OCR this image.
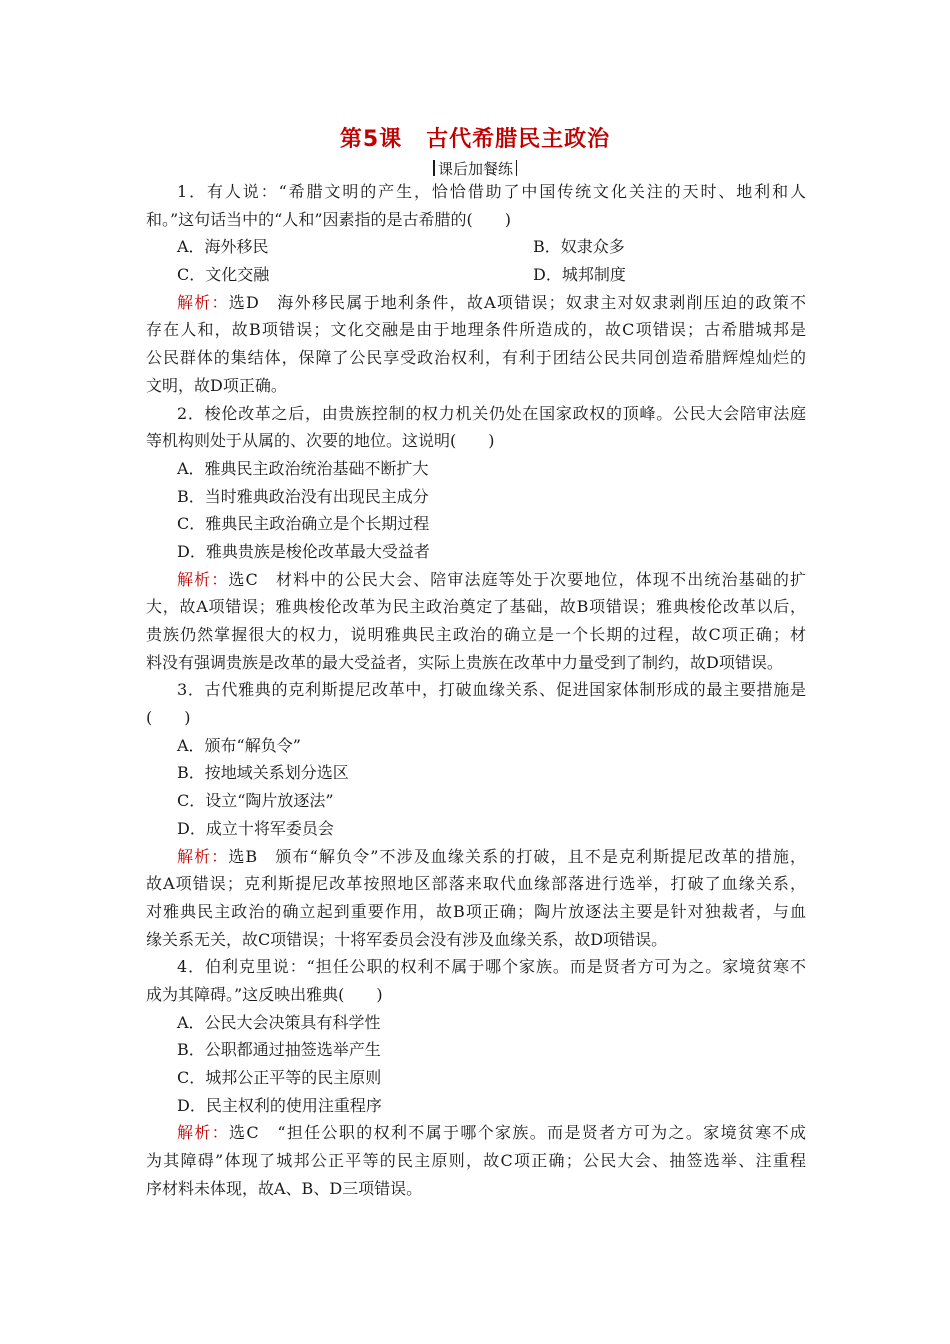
第5课 古代希腊民主政治
课后加餐练
1．有人说：“希腊文明的产生，恰恰借助了中国传统文化关注的天时、地利和人
和。”这句话当中的“人和”因素指的是古希腊的(　　)
A．海外移民	B．奴隶众多
C．文化交融	D．城邦制度
解析：选D　海外移民属于地利条件，故A项错误；奴隶主对奴隶剥削压迫的政策不
存在人和，故B项错误；文化交融是由于地理条件所造成的，故C项错误；古希腊城邦是
公民群体的集结体，保障了公民享受政治权利，有利于团结公民共同创造希腊辉煌灿烂的
文明，故D项正确。
2．梭伦改革之后，由贵族控制的权力机关仍处在国家政权的顶峰。公民大会陪审法庭
等机构则处于从属的、次要的地位。这说明(　　)
A．雅典民主政治统治基础不断扩大
B．当时雅典政治没有出现民主成分
C．雅典民主政治确立是个长期过程
D．雅典贵族是梭伦改革最大受益者
解析：选C　材料中的公民大会、陪审法庭等处于次要地位，体现不出统治基础的扩
大，故A项错误；雅典梭伦改革为民主政治奠定了基础，故B项错误；雅典梭伦改革以后，
贵族仍然掌握很大的权力，说明雅典民主政治的确立是一个长期的过程，故C项正确；材
料没有强调贵族是改革的最大受益者，实际上贵族在改革中力量受到了制约，故D项错误。
3．古代雅典的克利斯提尼改革中，打破血缘关系、促进国家体制形成的最主要措施是
(　　)
A．颁布“解负令”
B．按地域关系划分选区
C．设立“陶片放逐法”
D．成立十将军委员会
解析：选B　颁布“解负令”不涉及血缘关系的打破，且不是克利斯提尼改革的措施，
故A项错误；克利斯提尼改革按照地区部落来取代血缘部落进行选举，打破了血缘关系，
对雅典民主政治的确立起到重要作用，故B项正确；陶片放逐法主要是针对独裁者，与血
缘关系无关，故C项错误；十将军委员会没有涉及血缘关系，故D项错误。
4．伯利克里说：“担任公职的权利不属于哪个家族。而是贤者方可为之。家境贫寒不
成为其障碍。”这反映出雅典(　　)
A．公民大会决策具有科学性
B．公职都通过抽签选举产生
C．城邦公正平等的民主原则
D．民主权利的使用注重程序
解析：选C　“担任公职的权利不属于哪个家族。而是贤者方可为之。家境贫寒不成
为其障碍”体现了城邦公正平等的民主原则，故C项正确；公民大会、抽签选举、注重程
序材料未体现，故A、B、D三项错误。
